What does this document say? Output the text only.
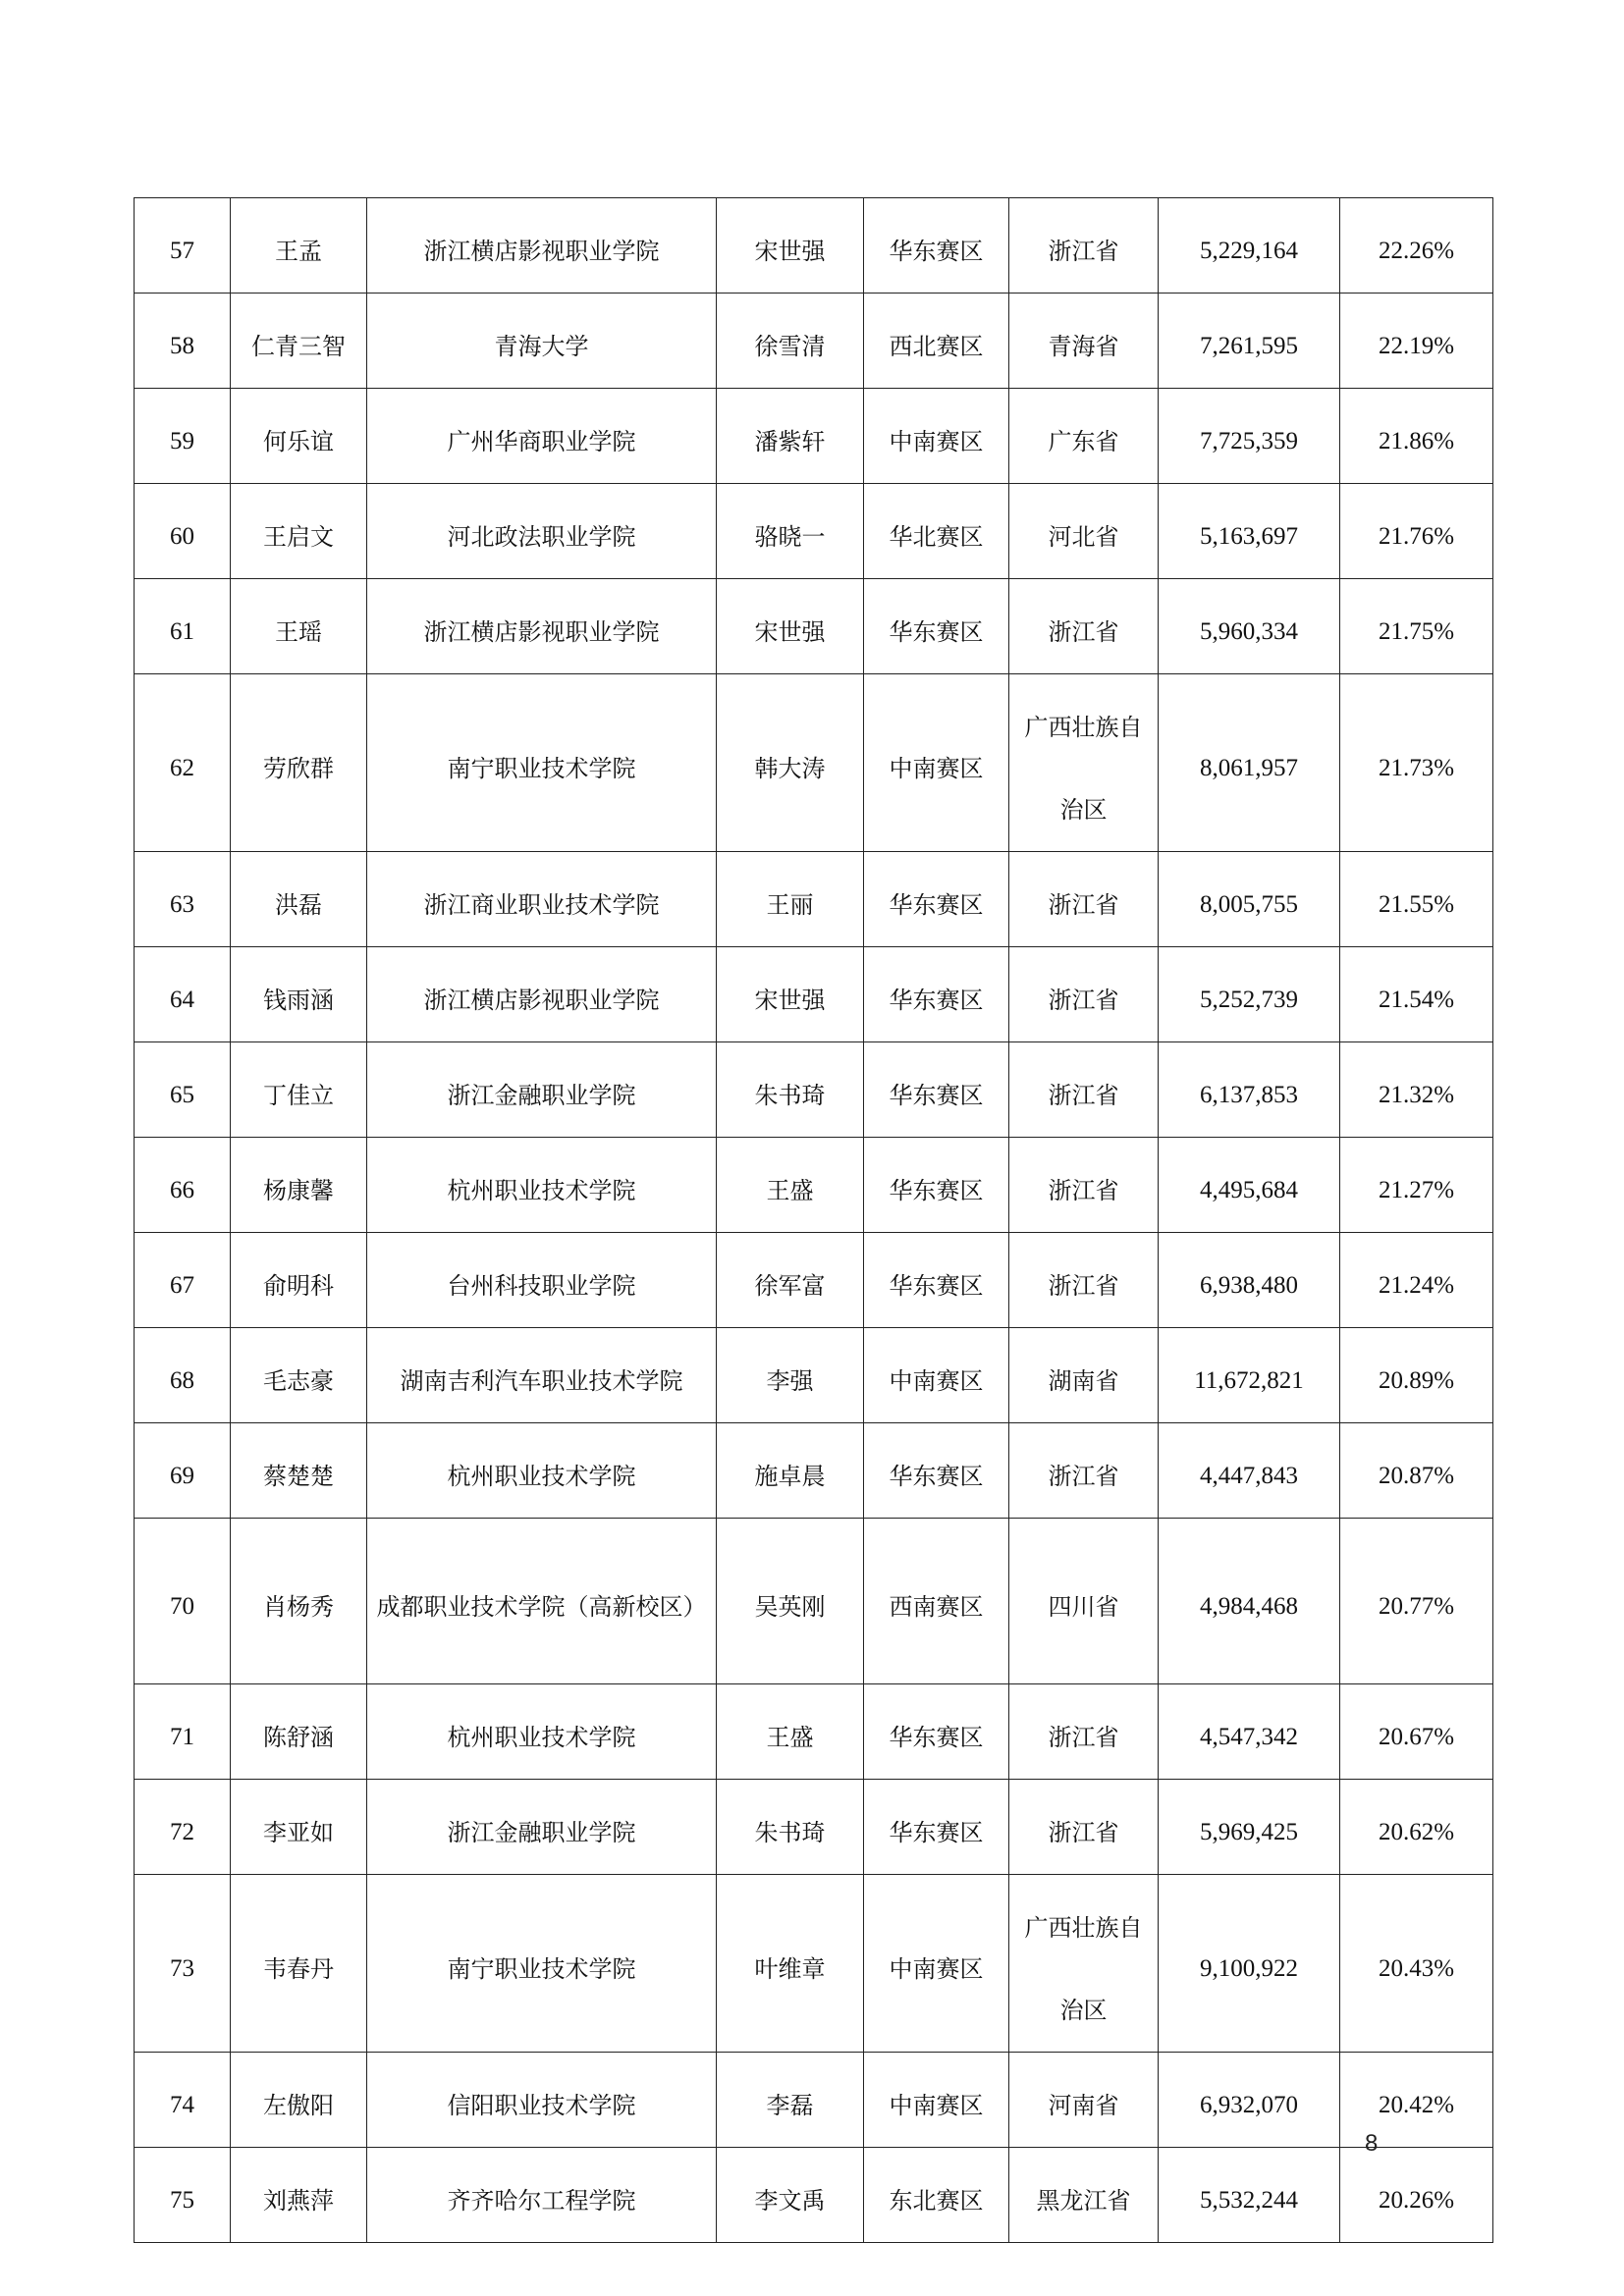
57	王孟	浙江横店影视职业学院	宋世强	华东赛区	浙江省	5,229,164	22.26%
58	仁青三智	青海大学	徐雪清	西北赛区	青海省	7,261,595	22.19%
59	何乐谊	广州华商职业学院	潘紫轩	中南赛区	广东省	7,725,359	21.86%
60	王启文	河北政法职业学院	骆晓一	华北赛区	河北省	5,163,697	21.76%
61	王瑶	浙江横店影视职业学院	宋世强	华东赛区	浙江省	5,960,334	21.75%
62	劳欣群	南宁职业技术学院	韩大涛	中南赛区	广西壮族自治区	8,061,957	21.73%
63	洪磊	浙江商业职业技术学院	王丽	华东赛区	浙江省	8,005,755	21.55%
64	钱雨涵	浙江横店影视职业学院	宋世强	华东赛区	浙江省	5,252,739	21.54%
65	丁佳立	浙江金融职业学院	朱书琦	华东赛区	浙江省	6,137,853	21.32%
66	杨康馨	杭州职业技术学院	王盛	华东赛区	浙江省	4,495,684	21.27%
67	俞明科	台州科技职业学院	徐军富	华东赛区	浙江省	6,938,480	21.24%
68	毛志豪	湖南吉利汽车职业技术学院	李强	中南赛区	湖南省	11,672,821	20.89%
69	蔡楚楚	杭州职业技术学院	施卓晨	华东赛区	浙江省	4,447,843	20.87%
70	肖杨秀	成都职业技术学院（高新校区）	吴英刚	西南赛区	四川省	4,984,468	20.77%
71	陈舒涵	杭州职业技术学院	王盛	华东赛区	浙江省	4,547,342	20.67%
72	李亚如	浙江金融职业学院	朱书琦	华东赛区	浙江省	5,969,425	20.62%
73	韦春丹	南宁职业技术学院	叶维章	中南赛区	广西壮族自治区	9,100,922	20.43%
74	左傲阳	信阳职业技术学院	李磊	中南赛区	河南省	6,932,070	20.42%
75	刘燕萍	齐齐哈尔工程学院	李文禹	东北赛区	黑龙江省	5,532,244	20.26%
8
